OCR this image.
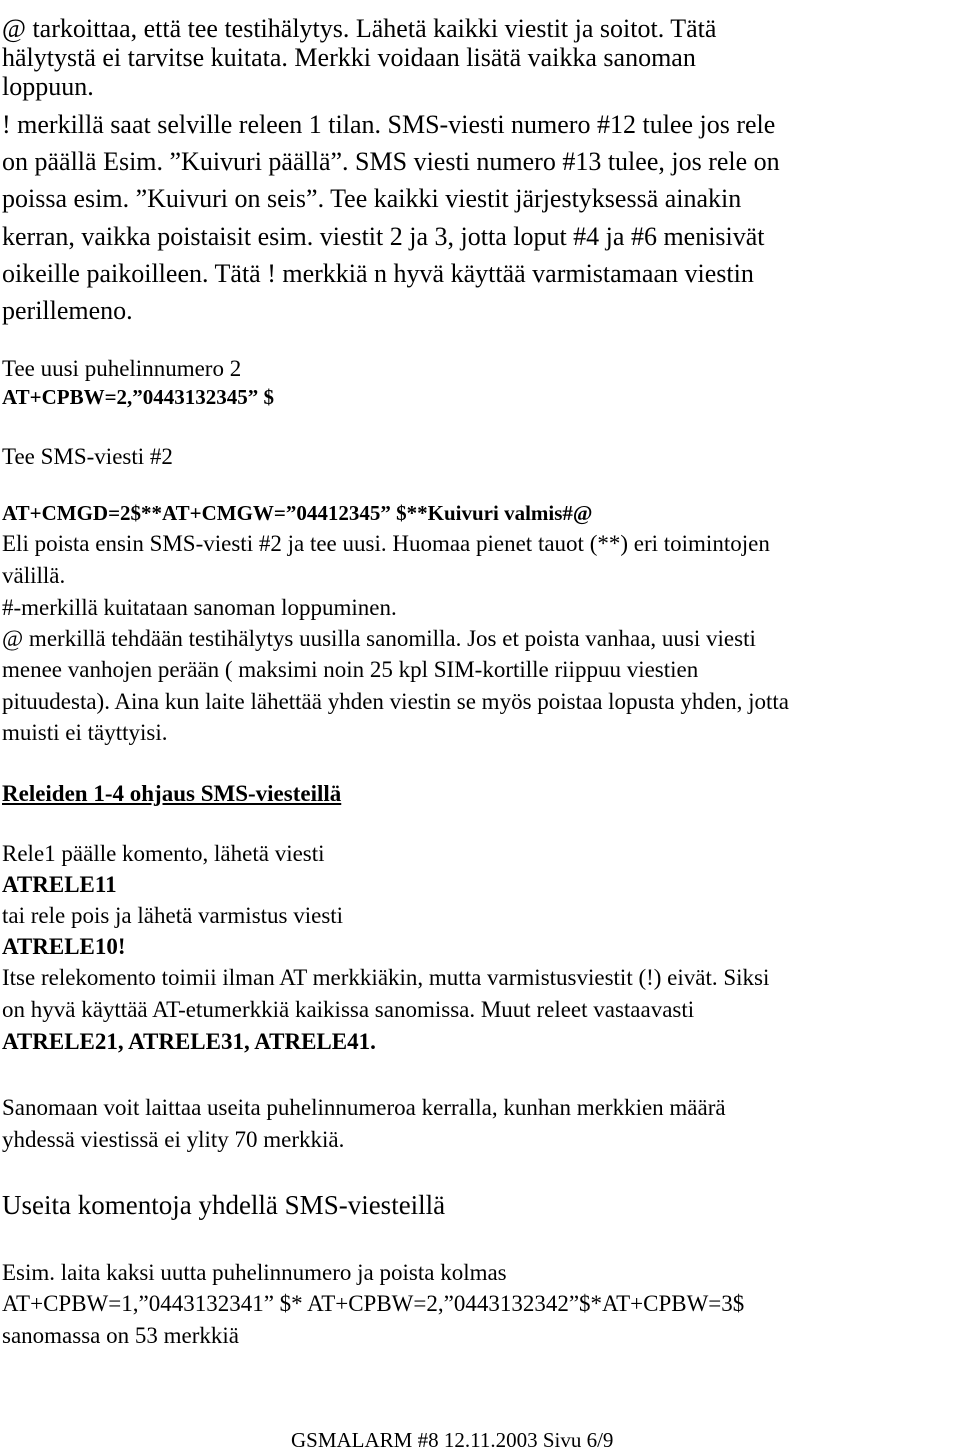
@ tarkoittaa, että tee testihälytys. Lähetä kaikki viestit ja soitot. Tätä

hälytystä ei tarvitse kuitata. Merkki voidaan lisätä vaikka sanoman

loppuun.

! merkillä saat selville releen 1 tilan. SMS-viesti numero #12 tulee jos rele

on päällä Esim. ”Kuivuri päällä”. SMS viesti numero #13 tulee, jos rele on

poissa esim. ”Kuivuri on seis”. Tee kaikki viestit järjestyksessä ainakin

kerran, vaikka poistaisit esim. viestit 2 ja 3, jotta loput #4 ja #6 menisivät

oikeille paikoilleen. Tätä ! merkkiä n hyvä käyttää varmistamaan viestin

perillemeno.

Tee uusi puhelinnumero 2

AT+CPBW=2,”0443132345” $

Tee SMS-viesti #2

AT+CMGD=2$**AT+CMGW=”04412345” $**Kuivuri valmis#@

Eli poista ensin SMS-viesti #2 ja tee uusi. Huomaa pienet tauot (**) eri toimintojen

välillä.

#-merkillä kuitataan sanoman loppuminen.

@ merkillä tehdään testihälytys uusilla sanomilla. Jos et poista vanhaa, uusi viesti

menee vanhojen perään ( maksimi noin 25 kpl SIM-kortille riippuu viestien

pituudesta). Aina kun laite lähettää yhden viestin se myös poistaa lopusta yhden, jotta

muisti ei täyttyisi.

Releiden 1-4 ohjaus SMS-viesteillä

Rele1 päälle komento, lähetä viesti

ATRELE11

tai rele pois ja lähetä varmistus viesti

ATRELE10!

Itse relekomento toimii ilman AT merkkiäkin, mutta varmistusviestit (!) eivät. Siksi

on hyvä käyttää AT-etumerkkiä kaikissa sanomissa. Muut releet vastaavasti

ATRELE21, ATRELE31, ATRELE41.

Sanomaan voit laittaa useita puhelinnumeroa kerralla, kunhan merkkien määrä

yhdessä viestissä ei ylity 70 merkkiä.

Useita komentoja yhdellä SMS-viesteillä

Esim. laita kaksi uutta puhelinnumero ja poista kolmas

AT+CPBW=1,”0443132341” $* AT+CPBW=2,”0443132342”$*AT+CPBW=3$

sanomassa on 53 merkkiä

GSMALARM #8 12.11.2003 Sivu 6/9
